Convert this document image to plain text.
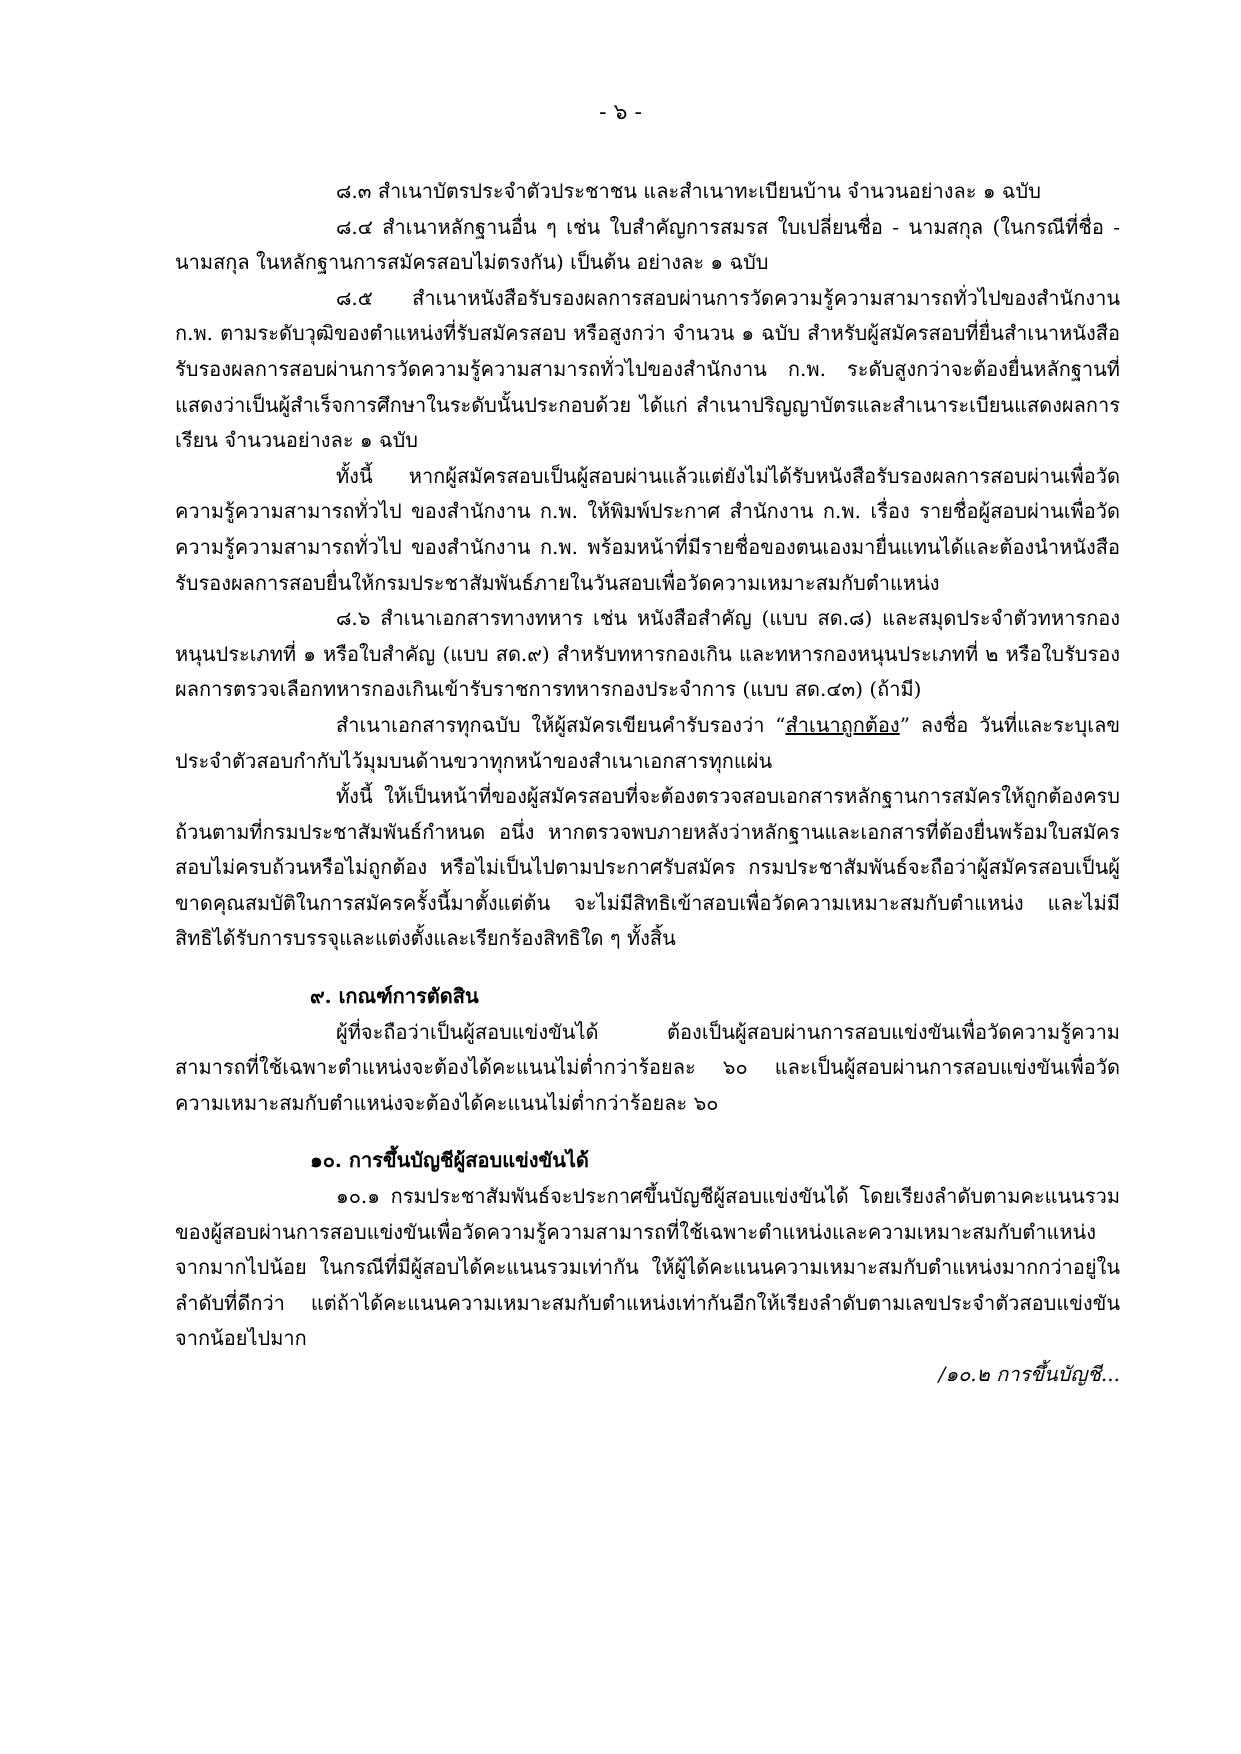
- ๖ -

๘.๓ สำเนาบัตรประจำตัวประชาชน และสำเนาทะเบียนบ้าน จำนวนอย่างละ ๑ ฉบับ

๘.๔ สำเนาหลักฐานอื่น ๆ เช่น ใบสำคัญการสมรส ใบเปลี่ยนชื่อ - นามสกุล (ในกรณีที่ชื่อ - นามสกุล ในหลักฐานการสมัครสอบไม่ตรงกัน) เป็นต้น อย่างละ ๑ ฉบับ

๘.๕ สำเนาหนังสือรับรองผลการสอบผ่านการวัดความรู้ความสามารถทั่วไปของสำนักงาน ก.พ. ตามระดับวุฒิของตำแหน่งที่รับสมัครสอบ หรือสูงกว่า จำนวน ๑ ฉบับ สำหรับผู้สมัครสอบที่ยื่นสำเนาหนังสือรับรองผลการสอบผ่านการวัดความรู้ความสามารถทั่วไปของสำนักงาน ก.พ. ระดับสูงกว่าจะต้องยื่นหลักฐานที่แสดงว่าเป็นผู้สำเร็จการศึกษาในระดับนั้นประกอบด้วย ได้แก่ สำเนาปริญญาบัตรและสำเนาระเบียนแสดงผลการเรียน จำนวนอย่างละ ๑ ฉบับ

ทั้งนี้ หากผู้สมัครสอบเป็นผู้สอบผ่านแล้วแต่ยังไม่ได้รับหนังสือรับรองผลการสอบผ่านเพื่อวัดความรู้ความสามารถทั่วไป ของสำนักงาน ก.พ. ให้พิมพ์ประกาศ สำนักงาน ก.พ. เรื่อง รายชื่อผู้สอบผ่านเพื่อวัดความรู้ความสามารถทั่วไป ของสำนักงาน ก.พ. พร้อมหน้าที่มีรายชื่อของตนเองมายื่นแทนได้และต้องนำหนังสือรับรองผลการสอบยื่นให้กรมประชาสัมพันธ์ภายในวันสอบเพื่อวัดความเหมาะสมกับตำแหน่ง

๘.๖ สำเนาเอกสารทางทหาร เช่น หนังสือสำคัญ (แบบ สด.๘) และสมุดประจำตัวทหารกองหนุนประเภทที่ ๑ หรือใบสำคัญ (แบบ สด.๙) สำหรับทหารกองเกิน และทหารกองหนุนประเภทที่ ๒ หรือใบรับรองผลการตรวจเลือกทหารกองเกินเข้ารับราชการทหารกองประจำการ (แบบ สด.๔๓) (ถ้ามี)

สำเนาเอกสารทุกฉบับ ให้ผู้สมัครเขียนคำรับรองว่า “สำเนาถูกต้อง” ลงชื่อ วันที่และระบุเลขประจำตัวสอบกำกับไว้มุมบนด้านขวาทุกหน้าของสำเนาเอกสารทุกแผ่น

ทั้งนี้ ให้เป็นหน้าที่ของผู้สมัครสอบที่จะต้องตรวจสอบเอกสารหลักฐานการสมัครให้ถูกต้องครบถ้วนตามที่กรมประชาสัมพันธ์กำหนด อนึ่ง หากตรวจพบภายหลังว่าหลักฐานและเอกสารที่ต้องยื่นพร้อมใบสมัครสอบไม่ครบถ้วนหรือไม่ถูกต้อง หรือไม่เป็นไปตามประกาศรับสมัคร กรมประชาสัมพันธ์จะถือว่าผู้สมัครสอบเป็นผู้ขาดคุณสมบัติในการสมัครครั้งนี้มาตั้งแต่ต้น จะไม่มีสิทธิเข้าสอบเพื่อวัดความเหมาะสมกับตำแหน่ง และไม่มีสิทธิได้รับการบรรจุและแต่งตั้งและเรียกร้องสิทธิใด ๆ ทั้งสิ้น

๙. เกณฑ์การตัดสิน

ผู้ที่จะถือว่าเป็นผู้สอบแข่งขันได้ ต้องเป็นผู้สอบผ่านการสอบแข่งขันเพื่อวัดความรู้ความสามารถที่ใช้เฉพาะตำแหน่งจะต้องได้คะแนนไม่ต่ำกว่าร้อยละ ๖๐ และเป็นผู้สอบผ่านการสอบแข่งขันเพื่อวัดความเหมาะสมกับตำแหน่งจะต้องได้คะแนนไม่ต่ำกว่าร้อยละ ๖๐

๑๐. การขึ้นบัญชีผู้สอบแข่งขันได้

๑๐.๑ กรมประชาสัมพันธ์จะประกาศขึ้นบัญชีผู้สอบแข่งขันได้ โดยเรียงลำดับตามคะแนนรวมของผู้สอบผ่านการสอบแข่งขันเพื่อวัดความรู้ความสามารถที่ใช้เฉพาะตำแหน่งและความเหมาะสมกับตำแหน่งจากมากไปน้อย ในกรณีที่มีผู้สอบได้คะแนนรวมเท่ากัน ให้ผู้ได้คะแนนความเหมาะสมกับตำแหน่งมากกว่าอยู่ในลำดับที่ดีกว่า แต่ถ้าได้คะแนนความเหมาะสมกับตำแหน่งเท่ากันอีกให้เรียงลำดับตามเลขประจำตัวสอบแข่งขันจากน้อยไปมาก

/๑๐.๒ การขึ้นบัญชี...
